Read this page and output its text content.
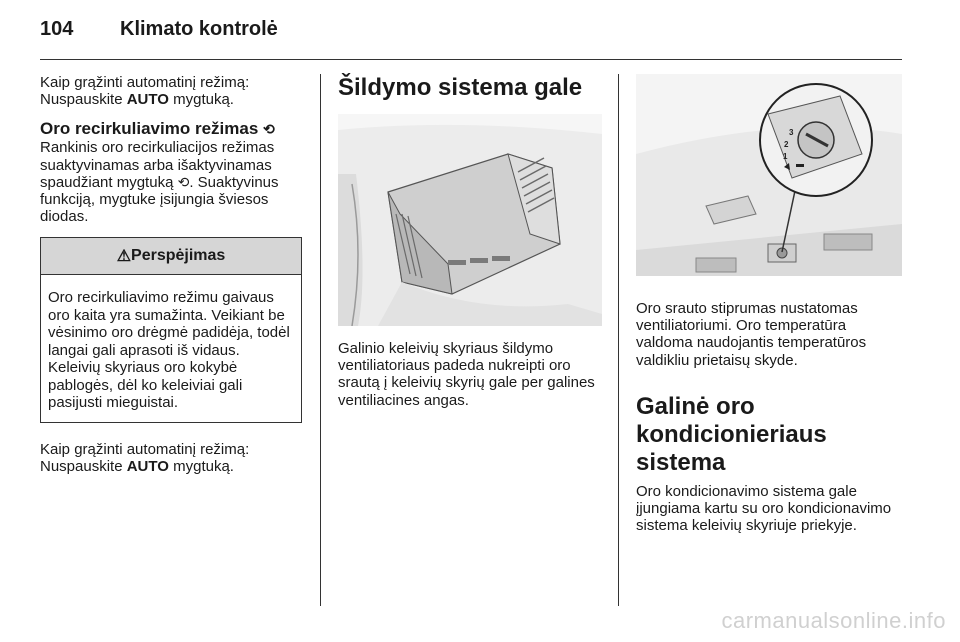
104	Klimato kontrolė

Kaip grąžinti automatinį režimą:
Nuspauskite AUTO mygtuką.

Oro recirkuliavimo režimas ⟲

Rankinis oro recirkuliacijos režimas
suaktyvinamas arba išaktyvinamas
spaudžiant mygtuką ⟲. Suaktyvinus
funkciją, mygtuke įsijungia šviesos
diodas.

⚠ Perspėjimas

Oro recirkuliavimo režimu gaivaus oro kaita yra sumažinta. Veikiant be vėsinimo oro drėgmė padidėja, todėl langai gali aprasoti iš vidaus. Keleivių skyriaus oro kokybė pablogės, dėl ko keleiviai gali pasijusti mieguistai.

Kaip grąžinti automatinį režimą:
Nuspauskite AUTO mygtuką.

Šildymo sistema gale

Galinio keleivių skyriaus šildymo ventiliatoriaus padeda nukreipti oro srautą į keleivių skyrių gale per galines ventiliacines angas.

3
2
1

Oro srauto stiprumas nustatomas ventiliatoriumi. Oro temperatūra valdoma naudojantis temperatūros valdikliu prietaisų skyde.

Galinė oro kondicionieriaus sistema

Oro kondicionavimo sistema gale įjungiama kartu su oro kondicionavimo sistema keleivių skyriuje priekyje.

carmanualsonline.info
